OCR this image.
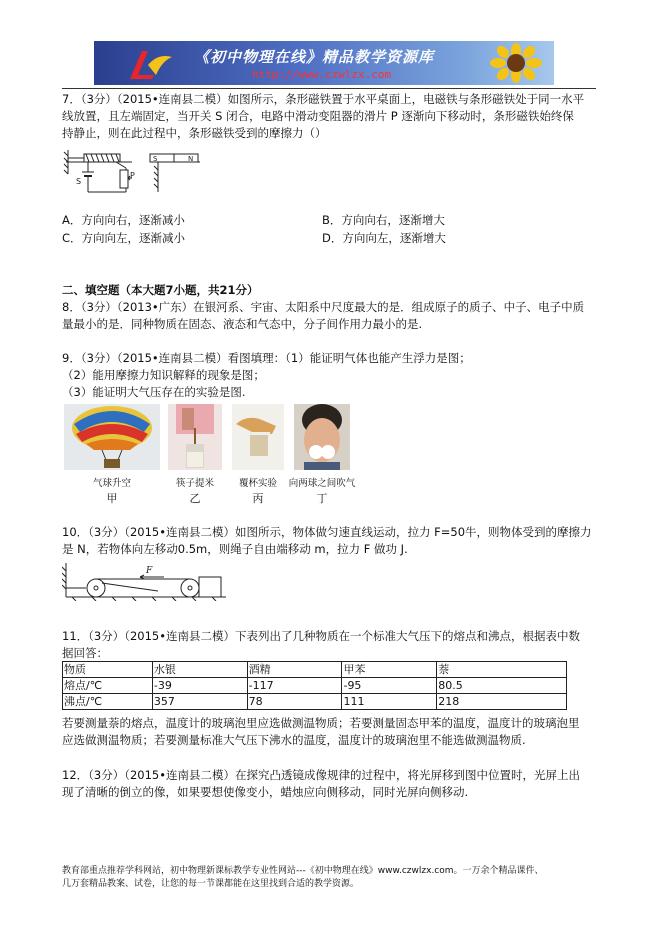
《初中物理在线》精品教学资源库
http://www.czwlzx.com
7．（3分）（2015•连南县二模）如图所示，条形磁铁置于水平桌面上，电磁铁与条形磁铁处于同一水平
线放置，且左端固定，当开关 S 闭合，电路中滑动变阻器的滑片 P 逐渐向下移动时，条形磁铁始终保
持静止，则在此过程中，条形磁铁受到的摩擦力（）
S
P
S	N
A．方向向右，逐渐减小	B．方向向右，逐渐增大
C．方向向左，逐渐减小	D．方向向左，逐渐增大
二、填空题（本大题7小题，共21分）
8．（3分）（2013•广东）在银河系、宇宙、太阳系中尺度最大的是．组成原子的质子、中子、电子中质
量最小的是．同种物质在固态、液态和气态中，分子间作用力最小的是.
9．（3分）（2015•连南县二模）看图填理：（1）能证明气体也能产生浮力是图；
（2）能用摩擦力知识解释的现象是图；
（3）能证明大气压存在的实验是图.
气球升空	筷子提米	覆杯实验	向两球之间吹气
甲	乙	丙	丁
10．（3分）（2015•连南县二模）如图所示，物体做匀速直线运动，拉力 F=50牛，则物体受到的摩擦力
是 N，若物体向左移动0.5m，则绳子自由端移动 m，拉力 F 做功 J.
F
11．（3分）（2015•连南县二模）下表列出了几种物质在一个标准大气压下的熔点和沸点，根据表中数
据回答：
物质	水银	酒精	甲苯	萘
熔点/℃	-39	-117	-95	80.5
沸点/℃	357	78	111	218
若要测量萘的熔点，温度计的玻璃泡里应选做测温物质；若要测量固态甲苯的温度，温度计的玻璃泡里
应选做测温物质；若要测量标准大气压下沸水的温度，温度计的玻璃泡里不能选做测温物质.
12．（3分）（2015•连南县二模）在探究凸透镜成像规律的过程中，将光屏移到图中位置时，光屏上出
现了清晰的倒立的像，如果要想使像变小，蜡烛应向侧移动，同时光屏向侧移动.
教育部重点推荐学科网站，初中物理新课标教学专业性网站---《初中物理在线》www.czwlzx.com。一万余个精品课件、
几万套精品教案、试卷，让您的每一节课都能在这里找到合适的教学资源。
